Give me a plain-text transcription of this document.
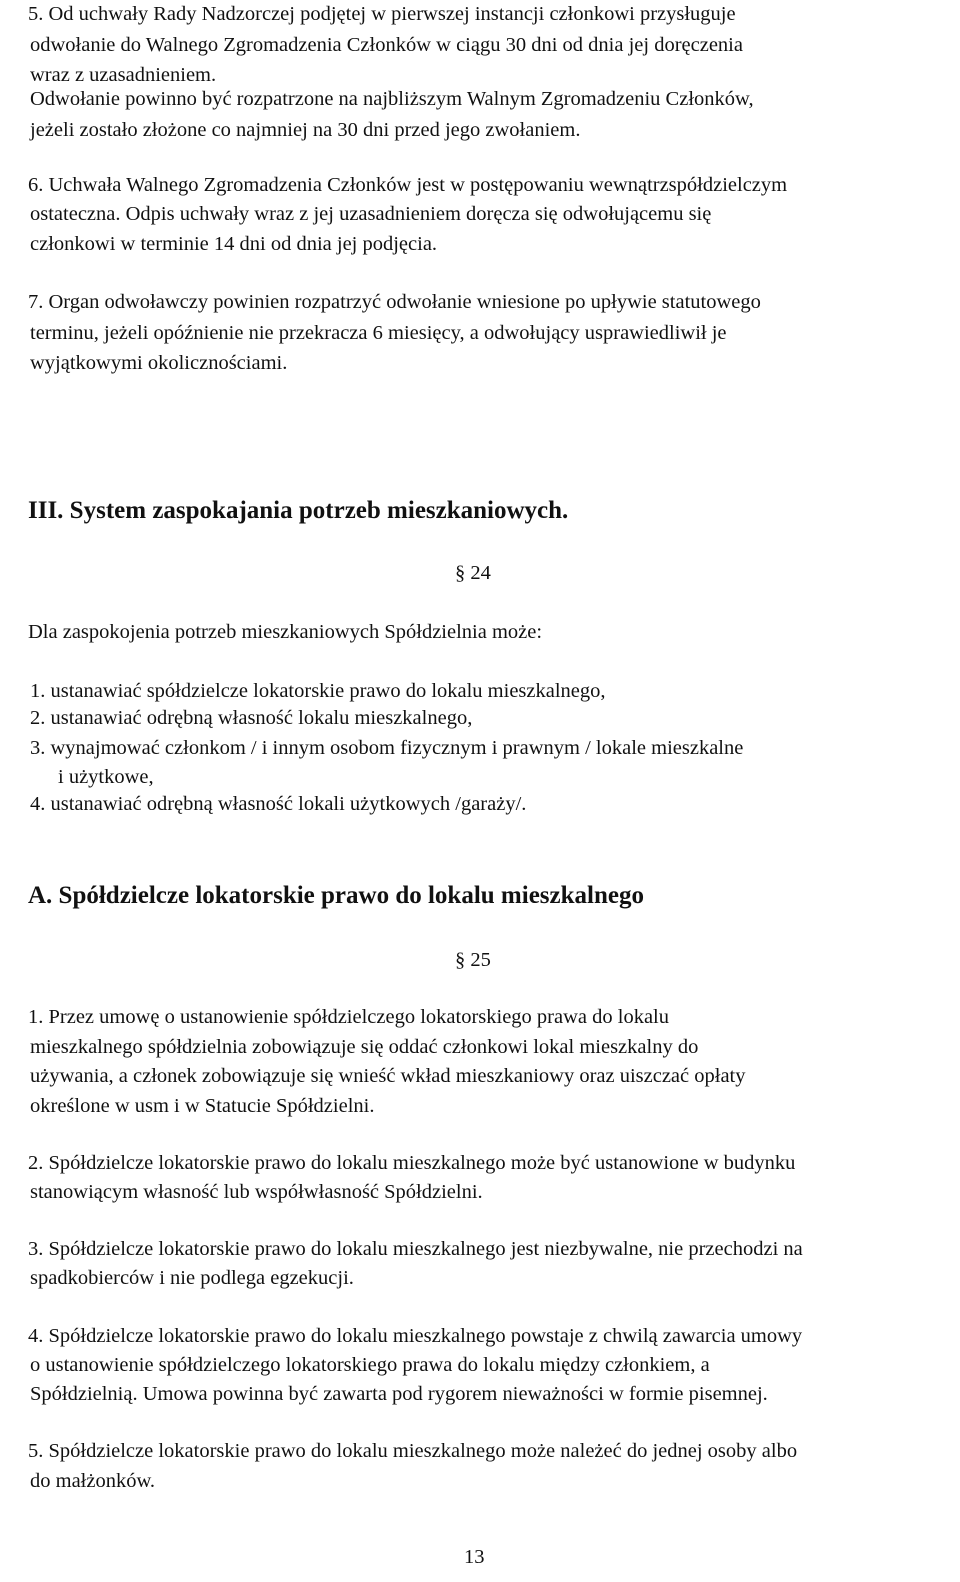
5. Od uchwały Rady Nadzorczej podjętej w pierwszej instancji członkowi przysługuje
odwołanie do Walnego Zgromadzenia Członków w ciągu 30 dni od dnia jej doręczenia
wraz z uzasadnieniem.
Odwołanie powinno być rozpatrzone na najbliższym Walnym Zgromadzeniu Członków,
jeżeli zostało złożone co najmniej na 30 dni przed jego zwołaniem.
6. Uchwała Walnego Zgromadzenia Członków jest w postępowaniu wewnątrzspółdzielczym
ostateczna. Odpis uchwały wraz z jej uzasadnieniem doręcza się odwołującemu się
członkowi w terminie 14 dni od dnia jej podjęcia.
7. Organ odwoławczy powinien rozpatrzyć odwołanie wniesione po upływie statutowego
terminu, jeżeli opóźnienie nie przekracza 6 miesięcy, a odwołujący usprawiedliwił je
wyjątkowymi okolicznościami.
III. System zaspokajania potrzeb mieszkaniowych.
§ 24
Dla zaspokojenia potrzeb mieszkaniowych Spółdzielnia może:
1. ustanawiać spółdzielcze lokatorskie prawo do lokalu mieszkalnego,
2. ustanawiać odrębną własność lokalu mieszkalnego,
3. wynajmować członkom / i innym osobom fizycznym i prawnym / lokale mieszkalne
i użytkowe,
4. ustanawiać odrębną własność lokali użytkowych /garaży/.
A. Spółdzielcze lokatorskie prawo do lokalu mieszkalnego
§ 25
1. Przez umowę o ustanowienie spółdzielczego lokatorskiego prawa do lokalu
mieszkalnego spółdzielnia zobowiązuje się oddać członkowi lokal mieszkalny do
używania, a członek zobowiązuje się wnieść wkład mieszkaniowy oraz uiszczać opłaty
określone w usm i w Statucie Spółdzielni.
2. Spółdzielcze lokatorskie prawo do lokalu mieszkalnego może być ustanowione w budynku
stanowiącym własność lub współwłasność Spółdzielni.
3. Spółdzielcze lokatorskie prawo do lokalu mieszkalnego jest niezbywalne, nie przechodzi na
spadkobierców i nie podlega egzekucji.
4. Spółdzielcze lokatorskie prawo do lokalu mieszkalnego powstaje z chwilą zawarcia umowy
o ustanowienie spółdzielczego lokatorskiego prawa do lokalu między członkiem, a
Spółdzielnią. Umowa powinna być zawarta pod rygorem nieważności w formie pisemnej.
5. Spółdzielcze lokatorskie prawo do lokalu mieszkalnego może należeć do jednej osoby albo
do małżonków.
13
